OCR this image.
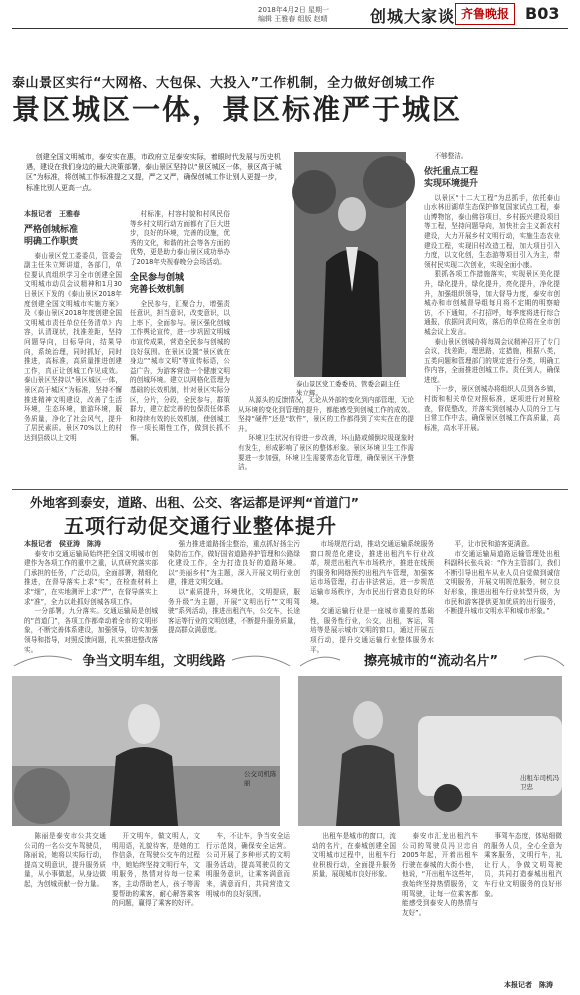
2018年4月2日 星期一
编辑 王雅春 组版 赵晴	创城大家谈 齐鲁晚报	B03
泰山景区实行“大网格、大包保、大投入”工作机制，全力做好创城工作
景区城区一体，景区标准严于城区
创建全国文明城市，泰安实在惠，市政府立足泰安实际，着眼时代发展与历史机遇，建设在我们身边的最大决策部署，泰山景区坚持以“景区城区一体，景区高于城区”为标准，将创城工作标准提之又提，严之又严，确保创城工作让别人更提一步，标准比别人更高一点。
本报记者　王雅春
严格创城标准
明确工作职责

泰山景区党工委委员，管委会副主任朱立辉讲道，各部门，单位要认真组织学习全市创建全国文明城市动员会议精神和1月30日景区下发的《泰山景区2018年度创建全国文明城市实施方案》及《泰山景区2018年度创建全国文明城市责任单位任务清单》内容，认清现状，找准差距，坚持问题导向，目标导向，结果导向，系统治理，同时抓好，同时推进，高标准，高质量推进创建工作，真正让创城工作见成效。泰山景区坚持以“景区城区一体，景区高于城区”为标准，坚持不懈推进精神文明建设，改善了生活环境，生态环境，旅游环境，服务质量，净化了社会风气，提升了居民素质。景区70%以上的村达到县级以上文明

村标准，村容村貌和村风民俗等乡村文明行动方面都有了巨大进步，良好的环境，完善的设施，优秀的文化，和谐的社会等各方面的优势，更是助力泰山景区成功举办了2018年央视春晚分会场活动。

全民参与创城
完善长效机制

全民参与，汇聚合力，增强责任意识，担当意识，改变意识，以上率下，全面参与。景区强化创城工作舆论宣传，进一步巩固文明城市宣传成果，营造全民参与创城的良好氛围。在景区设置“景区就在身边”“城市文明”等宣传标语，公益广告，为游客营造一个健康文明的创城环境。建立以网格化管理为基础的长效机制，针对景区实际分区，分片，分段，全民参与，群策群力，建立起完善的包保责任体系和持续有效的长效机制，使创城工作一项长期性工作，做到长抓不懈。

泰山景区党工委委员、管委会副主任朱立辉。

从源头的反馈情况，无论从外部的变化到内部管理，无论从环境的变化到管理的提升，都能感受到创城工作的成效。坚持“硬件”还是“软件”，景区的工作都得到了实实在在的提升。

环境卫生状况有待进一步改善，坏山路或倾倒垃圾现象时有发生，形成影响了景区的整体形象。景区环境卫生工作需要进一步加强，环境卫生需要常态化管理，确保景区干净整洁。

不够整洁。

依托重点工程
实现环境提升

以景区“十二大工程”为总抓手，依托泰山山水林田湖草生态保护修复国家试点工程，泰山博物馆，泰山佛谷项目，乡村振兴建设项目等工程，坚持问题导向，加快社会主义新农村建设，大力开展乡村文明行动，实施生态农业建设工程，实现旧村改造工程，加大项目引入力度，以文化创，生态游等项目引入为主，带领村民实现二次创业，实现全面小康。

狠抓各项工作措施落实，实现景区美化提升，绿化提升，绿化提升，亮化提升，净化提升，加强组织领导，加大督导力度，泰安市创城办和市创城督导组每月将不定期的明察暗访，不下通知，不打招呼，每季度将进行综合通报，依据问责问效，落后的单位将在全市创城会议上发言。

泰山景区创城办将每周会议精神召开了专门会议，找差距，理思路，定措施，根据八类，五类问题和管理部门的规定进行分类，明确工作内容，全面推进创城工作。责任到人，确保进度。

下一步，景区创城办将组织人员到各乡镇，村街和相关单位对照标准，逐项进行对照检查，督促整改，并落实到创城办人员的分工与日常工作中去，确保景区创城工作高质量，高标准，高水平开展。

外地客到泰安，道路、出租、公交、客运都是评判“首道门”
五项行动促交通行业整体提升
本报记者　侯亚涛　陈涛

泰安市交通运输局始终把全国文明城市创建作为各项工作的重中之重，认真研究落实部门承担的任务，广泛动员，全面部署，精细化推进，在督导落实上求“实”，在检查材料上求“细”，在实地测评上求“严”，在督导落实上求“准”，全力以赴抓好创城各项工作。

一分部署，九分落实。交通运输局是创城的“首道门”，各项工作都牵动着全市的文明形象，不断完善体系建设，加强领导，切实加强领导和指导，对照反馈问题，扎实推进整改落实。

强力推进道路扬尘整治，重点抓好扬尘污染防治工作，做好国省道路养护管理和公路绿化建设工作，全力打造良好的道路环境。以“美丽乡村”为主题，深入开展文明行业创建，推进文明交通。

以“素质提升，环境优化，文明提质，服务升级”为主题，开展“文明出行”“文明驾驶”系列活动，推进出租汽车，公交车，长途客运等行业的文明创建，不断提升服务质量，提高群众满意度。

市场规范行动，推动交通运输系统服务窗口规范化建设，推进出租汽车行业改革，规范出租汽车市场秩序，推进在线预约服务和网络预约出租汽车管理，加强客运市场管理，打击非法营运，进一步规范运输市场秩序，为市民出行营造良好的环境。

交通运输行业是一座城市重要的基础性，服务性行业，公交，出租，客运，驾培等是展示城市文明的窗口，通过开展五项行动，提升交通运输行业整体服务水平。

平，让市民和游客更满意。

市交通运输局道路运输管理处出租科副科长张兵说：“作为主管部门，我们不断引导出租车从业人员自觉做到诚信文明服务，开展文明规范服务，树立良好形象，推进出租车行业转型升级，为市民和游客提供更加优质的出行服务，不断提升城市文明水平和城市形象。”

争当文明车组，文明线路
公交司机陈丽

陈丽是泰安市公共交通公司的一名公交车驾驶员，陈丽说，她将以实际行动，提高文明意识，提升服务质量，从小事做起，从身边做起，为创城贡献一份力量。

开文明车，做文明人，文明用语，礼貌待客，是她的工作信条，在驾驶公交车的过程中，她始终坚持文明行车，文明服务，热情对待每一位乘客，主动帮助老人，孩子等需要帮助的乘客，耐心解答乘客的问题，赢得了乘客的好评。

车，不让车，争当安全运行示范岗，确保安全运营。公司开展了多种形式的文明服务活动，提高驾驶员的文明服务意识，让乘客满意而来，满意而归，共同营造文明城市的良好氛围。

擦亮城市的“流动名片”
出租车司机冯卫忠

出租车是城市的窗口，流动的名片，在泰城创建全国文明城市过程中，出租车行业积极行动，全面提升服务质量，展现城市良好形象。

泰安市汇龙出租汽车公司的驾驶员冯卫忠自2005年起，开着出租车行驶在泰城的大街小巷，他说，“开出租车这些年，我始终坚持热情服务，文明驾驶，让每一位乘客都能感受到泰安人的热情与友好”。

事驾车态度，体贴细微的服务人员，全心全意为乘客服务，文明行车，礼让行人，争做文明驾驶员，共同打造泰城出租汽车行业文明服务的良好形象。

本报记者　陈涛
